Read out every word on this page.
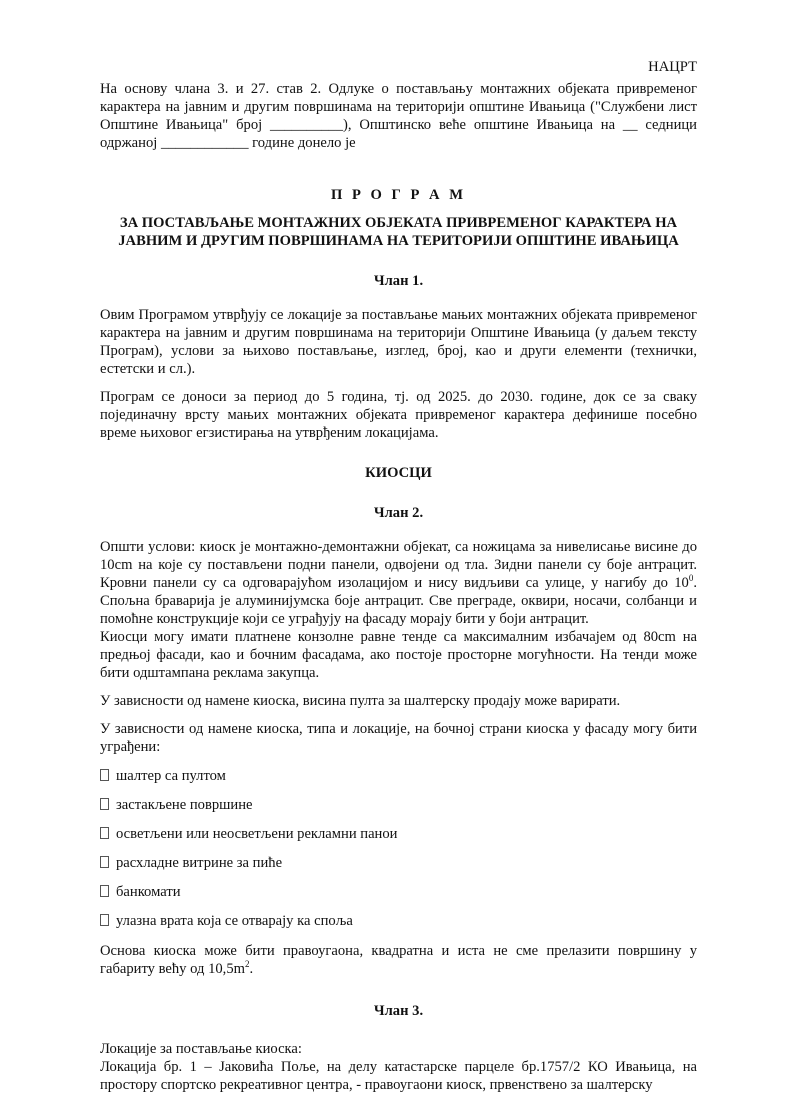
НАЦРТ

На основу члана 3. и 27. став 2. Одлуке о постављању монтажних објеката привременог карактера на јавним и другим површинама на територији општине Ивањица ("Службени лист Општине Ивањица" број __________), Општинско веће општине Ивањица на __ седници одржаној ____________ године донело је

П Р О Г Р А М

ЗА ПОСТАВЉАЊЕ МОНТАЖНИХ ОБЈЕКАТА ПРИВРЕМЕНОГ КАРАКТЕРА НА ЈАВНИМ И ДРУГИМ ПОВРШИНАМА НА ТЕРИТОРИЈИ ОПШТИНЕ ИВАЊИЦА

Члан 1.

Овим Програмом утврђују се локације за постављање мањих монтажних објеката привременог карактера на јавним и другим површинама на територији Општине Ивањица (у даљем тексту Програм), услови за њихово постављање, изглед, број, као и други елементи (технички, естетски и сл.).

Програм се доноси за период до 5 година, тј. од 2025. до 2030. године, док се за сваку појединачну врсту мањих монтажних објеката привременог карактера дефинише посебно време њиховог егзистирања на утврђеним локацијама.

КИОСЦИ

Члан 2.

Општи услови: киоск је монтажно-демонтажни објекат, са ножицама за нивелисање висине до 10cm на које су постављени подни панели, одвојени од тла. Зидни панели су боје антрацит. Кровни панели су са одговарајућом изолацијом и нису видљиви са улице, у нагибу до $10^0$. Спољна браварија је алуминијумска боје антрацит. Све преграде, оквири, носачи, солбанци и помоћне конструкције који се уграђују на фасаду морају бити у боји антрацит.

Киосци могу имати платнене конзолне равне тенде са максималним избачајем од 80cm на предњој фасади, као и бочним фасадама, ако постоје просторне могућности. На тенди може бити одштампана реклама закупца.

У зависности од намене киоска, висина пулта за шалтерску продају може варирати.

У зависности од намене киоска, типа и локације, на бочној страни киоска у фасаду могу бити уграђени:

шалтер са пултом
застакљене површине
осветљени или неосветљени рекламни панои
расхладне витрине за пиће
банкомати
улазна врата која се отварају ка споља

Основа киоска може бити правоугаона, квадратна и иста не сме прелазити површину у габариту већу од $10,5m^2$.

Члан 3.

Локације за постављање киоска:

Локација бр. 1 – Јаковића Поље, на делу катастарске парцеле бр.1757/2 КО Ивањица, на простору спортско рекреативног центра, - правоугаони киоск, првенствено за шалтерску
